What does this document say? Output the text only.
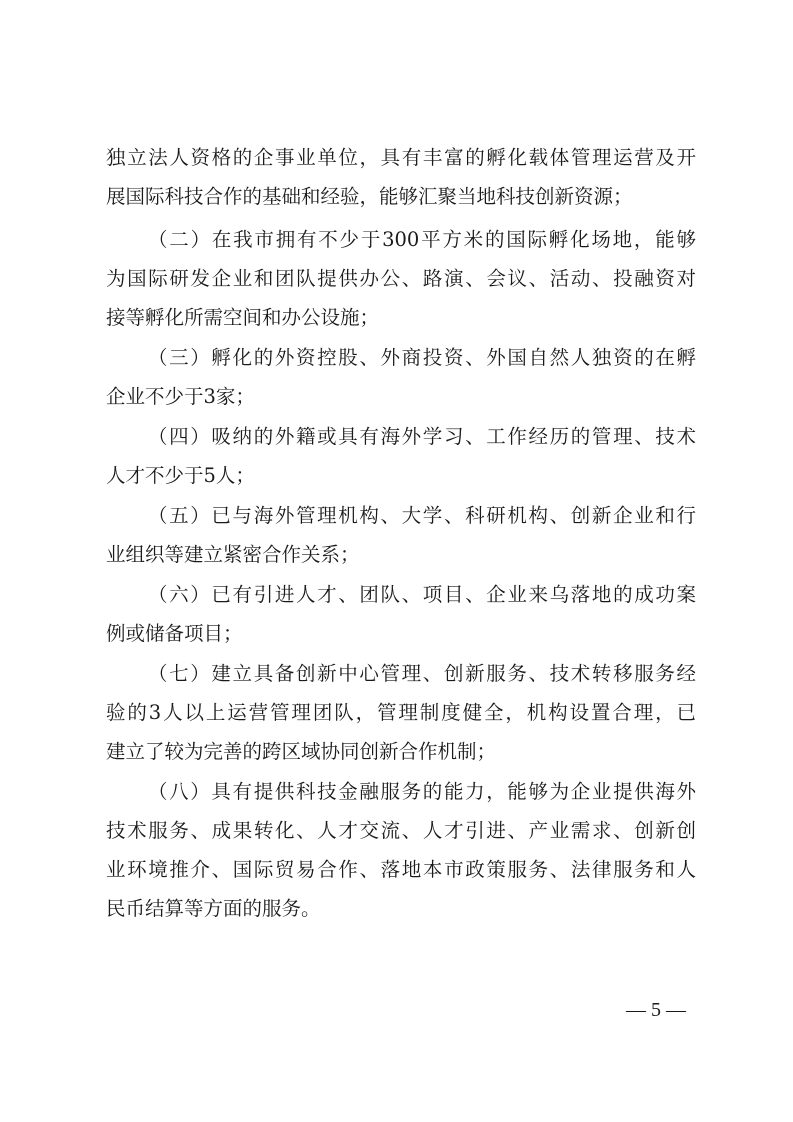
独立法人资格的企事业单位，具有丰富的孵化载体管理运营及开
展国际科技合作的基础和经验，能够汇聚当地科技创新资源；
（二）在我市拥有不少于300平方米的国际孵化场地，能够
为国际研发企业和团队提供办公、路演、会议、活动、投融资对
接等孵化所需空间和办公设施；
（三）孵化的外资控股、外商投资、外国自然人独资的在孵
企业不少于3家；
（四）吸纳的外籍或具有海外学习、工作经历的管理、技术
人才不少于5人；
（五）已与海外管理机构、大学、科研机构、创新企业和行
业组织等建立紧密合作关系；
（六）已有引进人才、团队、项目、企业来乌落地的成功案
例或储备项目；
（七）建立具备创新中心管理、创新服务、技术转移服务经
验的3人以上运营管理团队，管理制度健全，机构设置合理，已
建立了较为完善的跨区域协同创新合作机制；
（八）具有提供科技金融服务的能力，能够为企业提供海外
技术服务、成果转化、人才交流、人才引进、产业需求、创新创
业环境推介、国际贸易合作、落地本市政策服务、法律服务和人
民币结算等方面的服务。
— 5 —
